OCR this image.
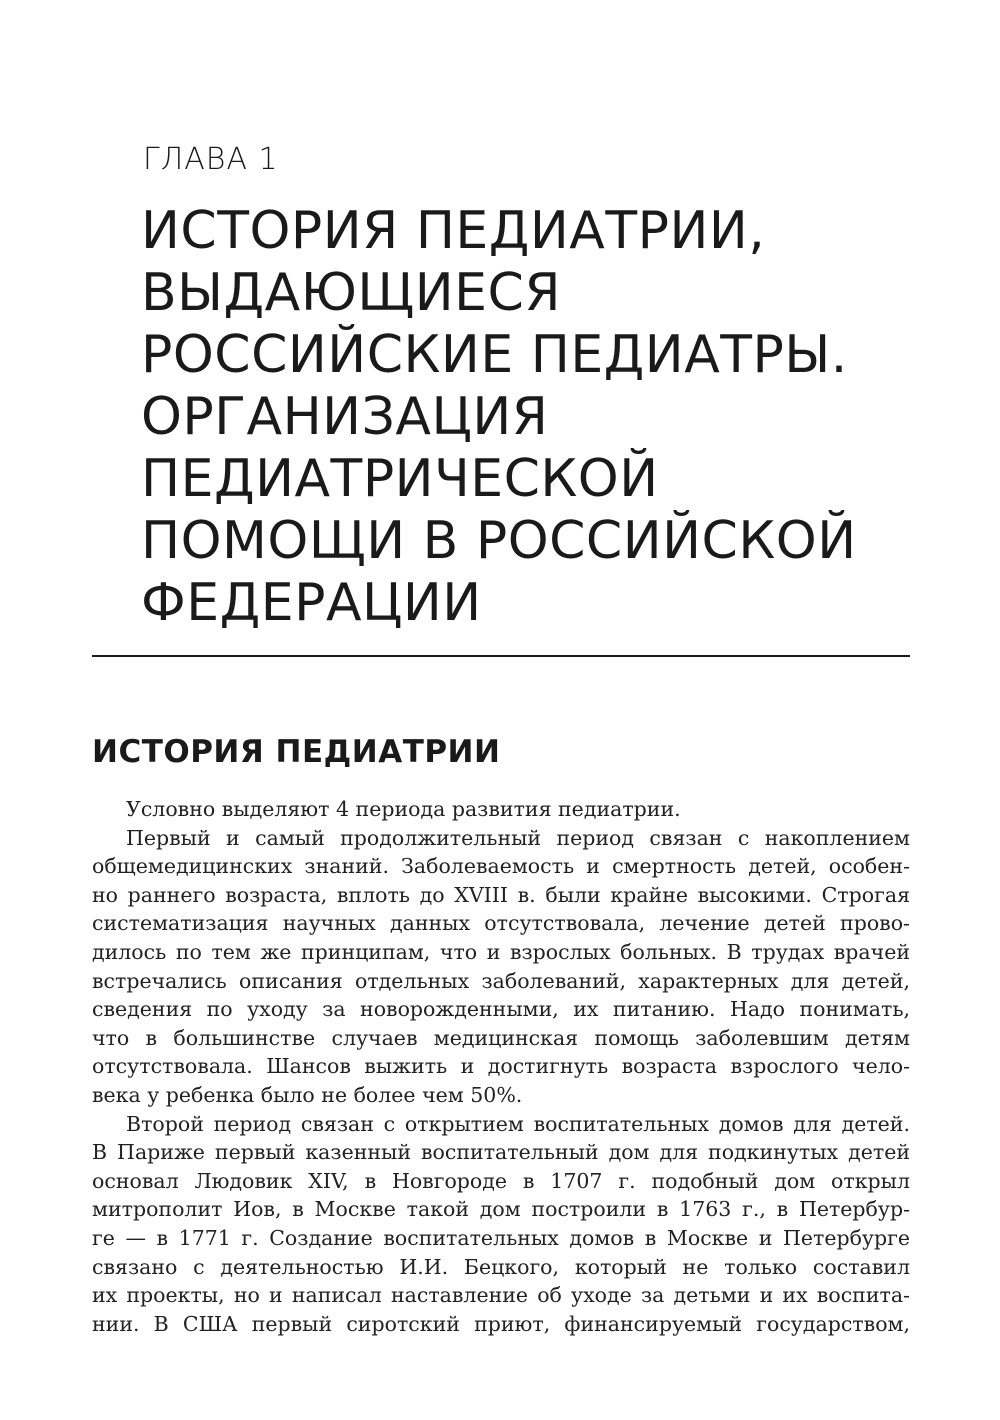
ГЛАВА 1
ИСТОРИЯ ПЕДИАТРИИ,
ВЫДАЮЩИЕСЯ
РОССИЙСКИЕ ПЕДИАТРЫ.
ОРГАНИЗАЦИЯ
ПЕДИАТРИЧЕСКОЙ
ПОМОЩИ В РОССИЙСКОЙ
ФЕДЕРАЦИИ
ИСТОРИЯ ПЕДИАТРИИ
Условно выделяют 4 периода развития педиатрии.
Первый и самый продолжительный период связан с накоплением
общемедицинских знаний. Заболеваемость и смертность детей, особен-
но раннего возраста, вплоть до XVIII в. были крайне высокими. Строгая
систематизация научных данных отсутствовала, лечение детей прово-
дилось по тем же принципам, что и взрослых больных. В трудах врачей
встречались описания отдельных заболеваний, характерных для детей,
сведения по уходу за новорожденными, их питанию. Надо понимать,
что в большинстве случаев медицинская помощь заболевшим детям
отсутствовала. Шансов выжить и достигнуть возраста взрослого чело-
века у ребенка было не более чем 50%.
Второй период связан с открытием воспитательных домов для детей.
В Париже первый казенный воспитательный дом для подкинутых детей
основал Людовик XIV, в Новгороде в 1707 г. подобный дом открыл
митрополит Иов, в Москве такой дом построили в 1763 г., в Петербур-
ге — в 1771 г. Создание воспитательных домов в Москве и Петербурге
связано с деятельностью И.И. Бецкого, который не только составил
их проекты, но и написал наставление об уходе за детьми и их воспита-
нии. В США первый сиротский приют, финансируемый государством,
